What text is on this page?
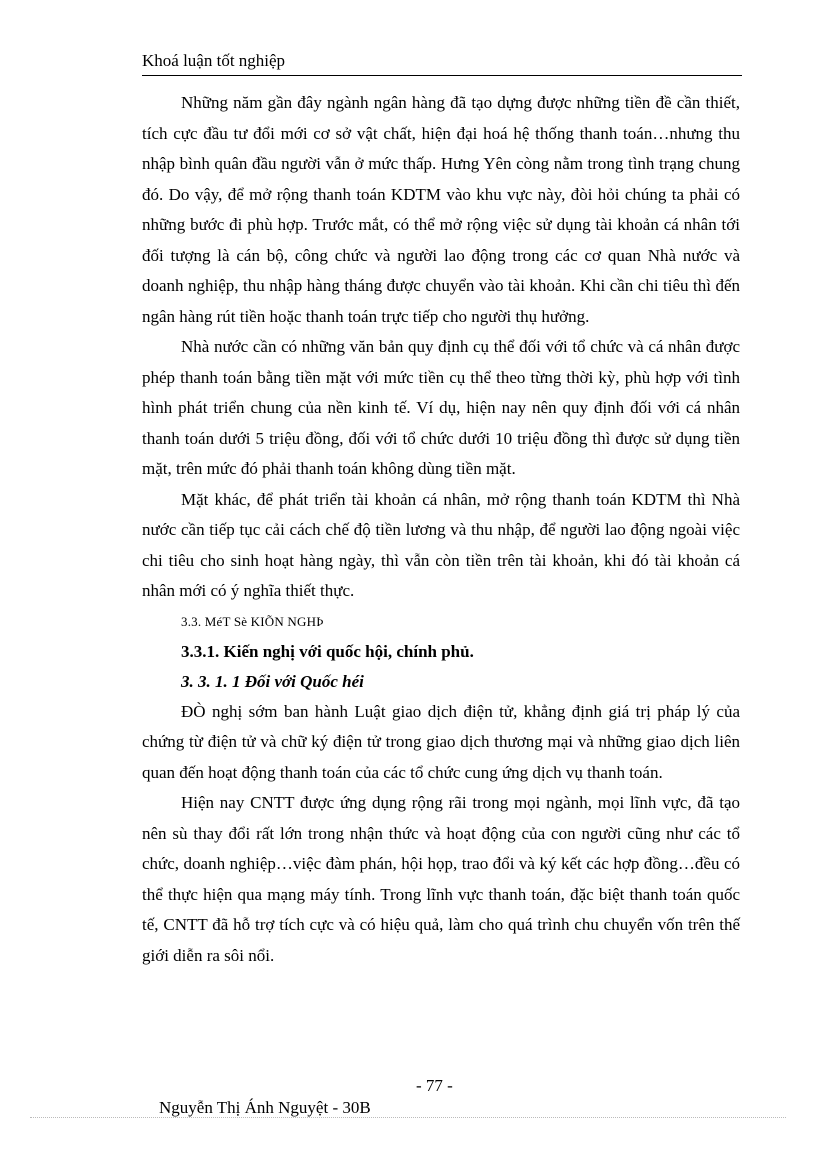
Khoá luận tốt nghiệp

Những năm gần đây ngành ngân hàng đã tạo dựng được những tiền đề cần thiết, tích cực đầu tư đổi mới cơ sở vật chất, hiện đại hoá hệ thống thanh toán…nhưng thu nhập bình quân đầu người vẫn ở mức thấp. Hưng Yên còng nằm trong tình trạng chung đó. Do vậy, để mở rộng thanh toán KDTM vào khu vực này, đòi hỏi chúng ta phải có những bước đi phù hợp. Trước mắt, có thể mở rộng việc sử dụng tài khoản cá nhân tới đối tượng là cán bộ, công chức và người lao động trong các cơ quan Nhà nước và doanh nghiệp, thu nhập hàng tháng được chuyển vào tài khoản. Khi cần chi tiêu thì đến ngân hàng rút tiền hoặc thanh toán trực tiếp cho người thụ hưởng.

Nhà nước cần có những văn bản quy định cụ thể đối với tổ chức và cá nhân được phép thanh toán bằng tiền mặt với mức tiền cụ thể theo từng thời kỳ, phù hợp với tình hình phát triển chung của nền kinh tế. Ví dụ, hiện nay nên quy định đối với cá nhân thanh toán dưới 5 triệu đồng, đối với tổ chức dưới 10 triệu đồng thì được sử dụng tiền mặt, trên mức đó phải thanh toán không dùng tiền mặt.

Mặt khác, để phát triển tài khoản cá nhân, mở rộng thanh toán KDTM thì Nhà nước cần tiếp tục cải cách chế độ tiền lương và thu nhập, để người lao động ngoài việc chi tiêu cho sinh hoạt hàng ngày, thì vẫn còn tiền trên tài khoản, khi đó tài khoản cá nhân mới có ý nghĩa thiết thực.

3.3. MéT Sè KIÕN NGHÞ

3.3.1. Kiến nghị với quốc hội, chính phủ.

3. 3. 1. 1 Đối với Quốc héi

ĐÒ nghị sớm ban hành Luật giao dịch điện tử, khẳng định giá trị pháp lý của chứng từ điện tử và chữ ký điện tử trong giao dịch thương mại và những giao dịch liên quan đến hoạt động thanh toán của các tổ chức cung ứng dịch vụ thanh toán.

Hiện nay CNTT được ứng dụng rộng rãi trong mọi ngành, mọi lĩnh vực, đã tạo nên sù thay đổi rất lớn trong nhận thức và hoạt động của con người cũng như các tổ chức, doanh nghiệp…việc đàm phán, hội họp, trao đổi và ký kết các hợp đồng…đều có thể thực hiện qua mạng máy tính. Trong lĩnh vực thanh toán, đặc biệt thanh toán quốc tế, CNTT đã hỗ trợ tích cực và có hiệu quả, làm cho quá trình chu chuyển vốn trên thế giới diễn ra sôi nổi.

Nguyễn Thị Ánh Nguyệt - 30B

- 77 -
